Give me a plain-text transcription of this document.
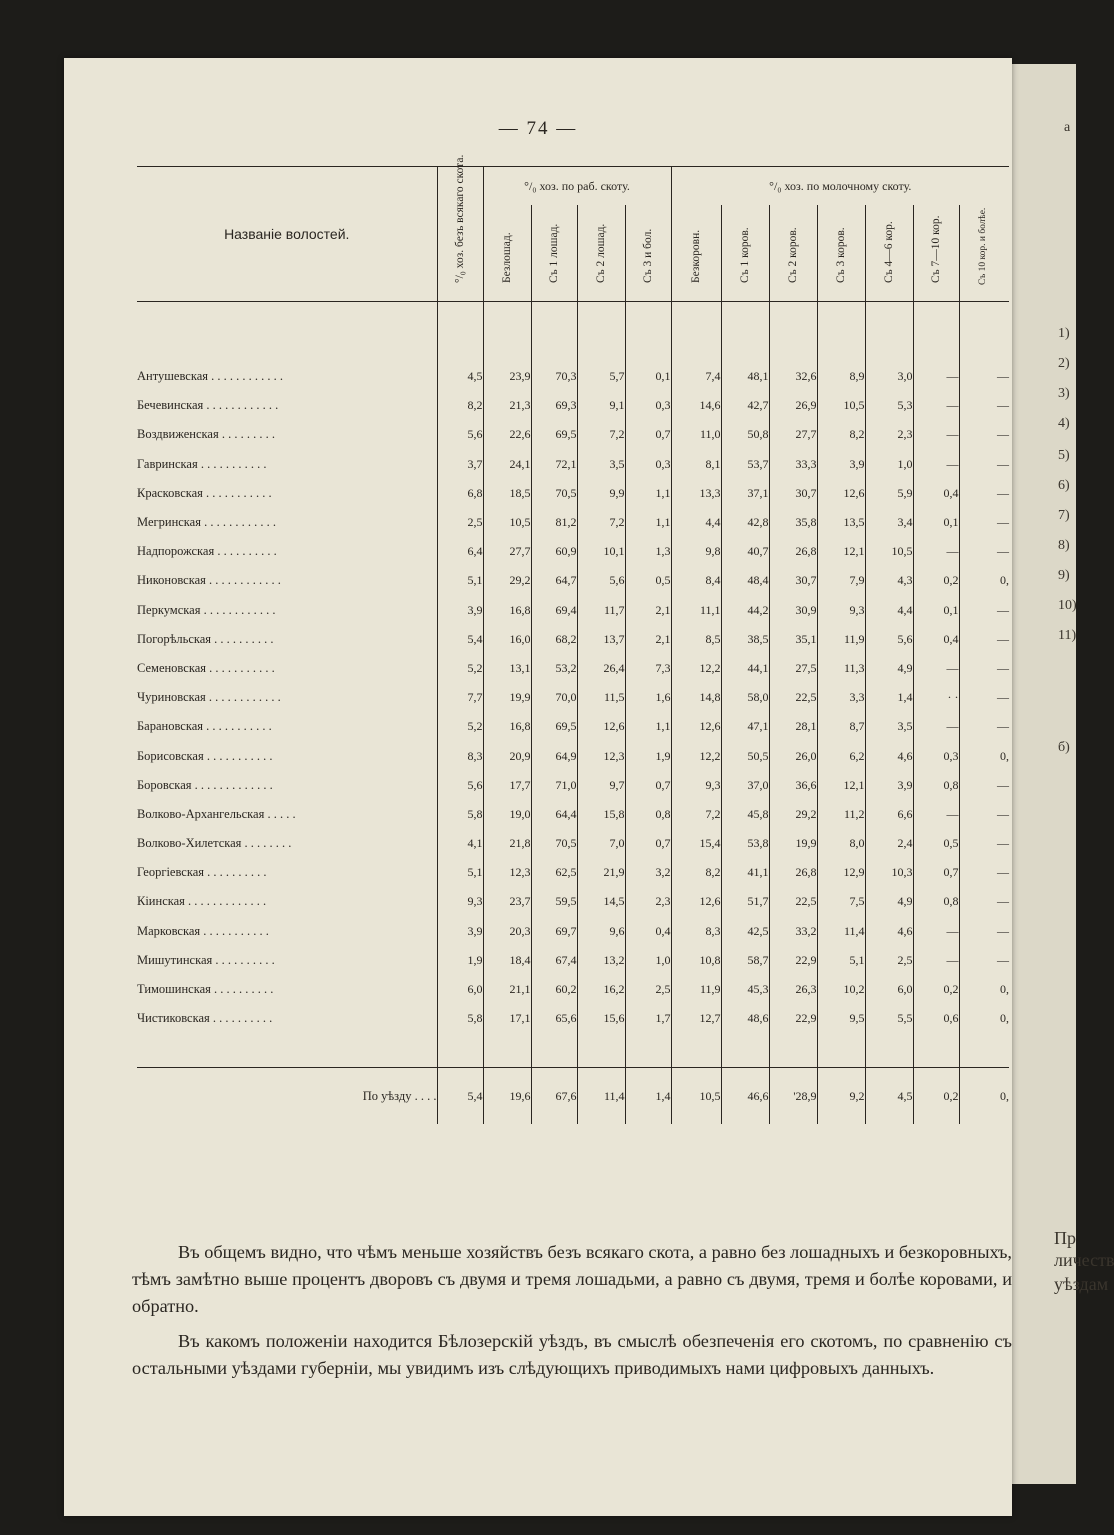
а
1)
2)
3)
4)
5)
6)
7)
8)
9)
10)
11)
б)
Пр
личеств
уѣздам
— 74 —
Названіе волостей.	°/₀ хоз. безъ всякаго скота.	°/₀ хоз. по раб. скоту.				°/₀ хоз. по молочному скоту.						

		Безлошад.	Съ 1 лошад.	Съ 2 лошад.	Съ 3 и бол.	Безкоровн.	Съ 1 коров.	Съ 2 коров.	Съ 3 коров.	Съ 4—6 кор.	Съ 7—10 кор.	Съ 10 кор. и болѣе.

Антушевская . . . . . . . . . . . .	4,5	23,9	70,3	5,7	0,1	7,4	48,1	32,6	8,9	3,0	—	—
Бечевинская . . . . . . . . . . . .	8,2	21,3	69,3	9,1	0,3	14,6	42,7	26,9	10,5	5,3	—	—
Воздвиженская . . . . . . . . .	5,6	22,6	69,5	7,2	0,7	11,0	50,8	27,7	8,2	2,3	—	—
Гавринская . . . . . . . . . . .	3,7	24,1	72,1	3,5	0,3	8,1	53,7	33,3	3,9	1,0	—	—
Красковская . . . . . . . . . . .	6,8	18,5	70,5	9,9	1,1	13,3	37,1	30,7	12,6	5,9	0,4	—
Мегринская . . . . . . . . . . . .	2,5	10,5	81,2	7,2	1,1	4,4	42,8	35,8	13,5	3,4	0,1	—
Надпорожская . . . . . . . . . .	6,4	27,7	60,9	10,1	1,3	9,8	40,7	26,8	12,1	10,5	—	—
Никоновская . . . . . . . . . . . .	5,1	29,2	64,7	5,6	0,5	8,4	48,4	30,7	7,9	4,3	0,2	0,
Перкумская . . . . . . . . . . . .	3,9	16,8	69,4	11,7	2,1	11,1	44,2	30,9	9,3	4,4	0,1	—
Погорѣльская . . . . . . . . . .	5,4	16,0	68,2	13,7	2,1	8,5	38,5	35,1	11,9	5,6	0,4	—
Семеновская . . . . . . . . . . .	5,2	13,1	53,2	26,4	7,3	12,2	44,1	27,5	11,3	4,9	—	—
Чуриновская . . . . . . . . . . . .	7,7	19,9	70,0	11,5	1,6	14,8	58,0	22,5	3,3	1,4	· ·	—
Барановская . . . . . . . . . . .	5,2	16,8	69,5	12,6	1,1	12,6	47,1	28,1	8,7	3,5	—	—
Борисовская . . . . . . . . . . .	8,3	20,9	64,9	12,3	1,9	12,2	50,5	26,0	6,2	4,6	0,3	0,
Боровская . . . . . . . . . . . . .	5,6	17,7	71,0	9,7	0,7	9,3	37,0	36,6	12,1	3,9	0,8	—
Волково-Архангельская . . . . .	5,8	19,0	64,4	15,8	0,8	7,2	45,8	29,2	11,2	6,6	—	—
Волково-Хилетская . . . . . . . .	4,1	21,8	70,5	7,0	0,7	15,4	53,8	19,9	8,0	2,4	0,5	—
Георгіевская . . . . . . . . . .	5,1	12,3	62,5	21,9	3,2	8,2	41,1	26,8	12,9	10,3	0,7	—
Кіинская . . . . . . . . . . . . .	9,3	23,7	59,5	14,5	2,3	12,6	51,7	22,5	7,5	4,9	0,8	—
Марковская . . . . . . . . . . .	3,9	20,3	69,7	9,6	0,4	8,3	42,5	33,2	11,4	4,6	—	—
Мишутинская . . . . . . . . . .	1,9	18,4	67,4	13,2	1,0	10,8	58,7	22,9	5,1	2,5	—	—
Тимошинская . . . . . . . . . .	6,0	21,1	60,2	16,2	2,5	11,9	45,3	26,3	10,2	6,0	0,2	0,
Чистиковская . . . . . . . . . .	5,8	17,1	65,6	15,6	1,7	12,7	48,6	22,9	9,5	5,5	0,6	0,

По уѣзду . . . .	5,4	19,6	67,6	11,4	1,4	10,5	46,6	'28,9	9,2	4,5	0,2	0,

Въ общемъ видно, что чѣмъ меньше хозяйствъ безъ всякаго скота, а равно без лошадныхъ и безкоровныхъ, тѣмъ замѣтно выше процентъ дворовъ съ двумя и тремя лошадьми, а равно съ двумя, тремя и болѣе коровами, и обратно.

Въ какомъ положеніи находится Бѣлозерскій уѣздъ, въ смыслѣ обезпеченія его скотомъ, по сравненію съ остальными уѣздами губерніи, мы увидимъ изъ слѣдующихъ приводимыхъ нами цифровыхъ данныхъ.
